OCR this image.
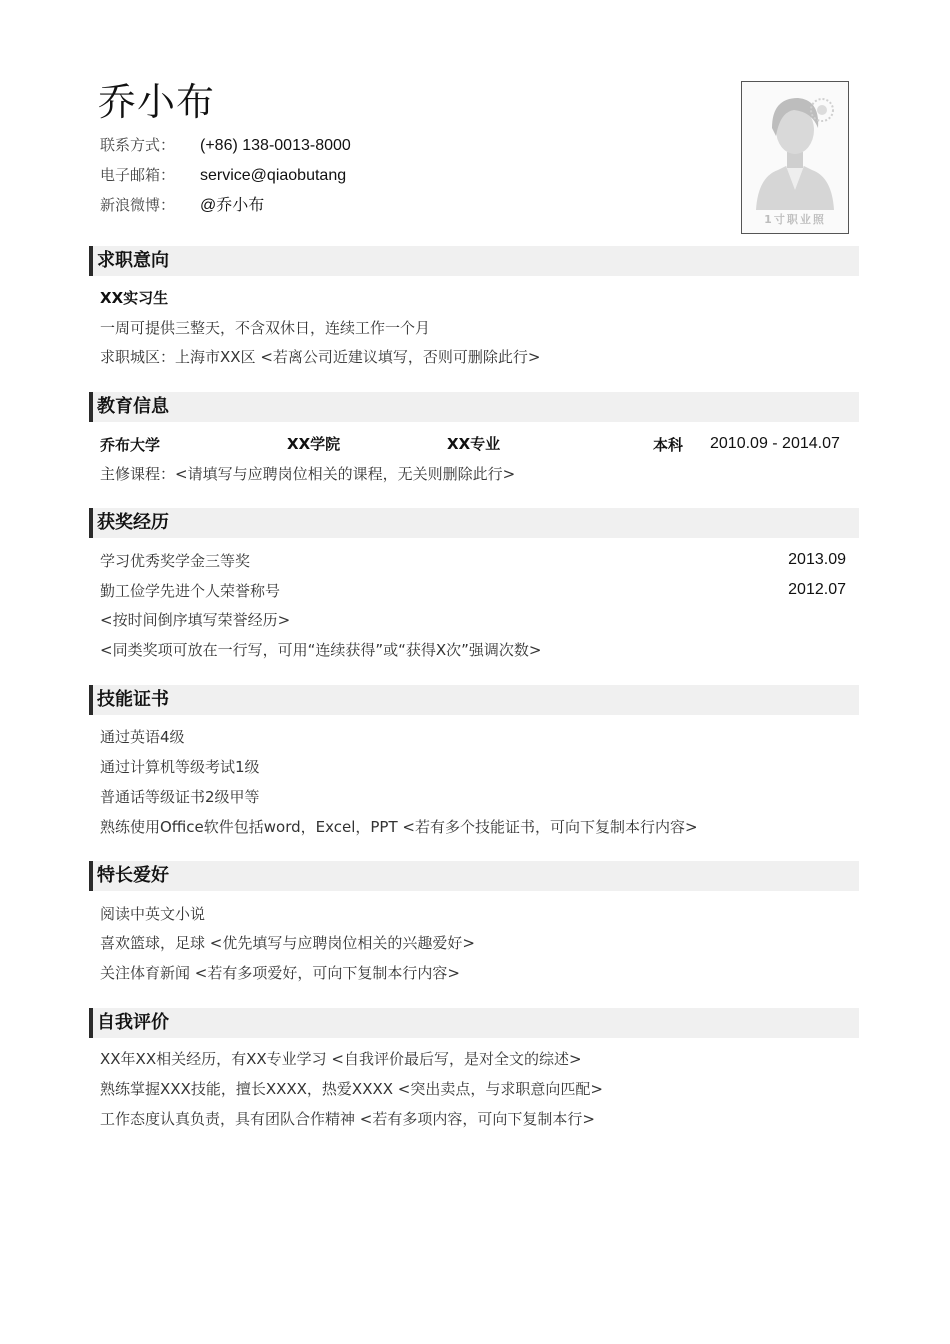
乔小布
联系方式： (+86) 138-0013-8000
电子邮箱： service@qiaobutang
新浪微博： @乔小布
1寸职业照
求职意向
XX实习生
一周可提供三整天，不含双休日，连续工作一个月
求职城区：上海市XX区 <若离公司近建议填写，否则可删除此行>
教育信息
乔布大学	XX学院	XX专业	本科 2010.09 - 2014.07
主修课程：<请填写与应聘岗位相关的课程，无关则删除此行>
获奖经历
学习优秀奖学金三等奖	2013.09
勤工俭学先进个人荣誉称号	2012.07
<按时间倒序填写荣誉经历>
<同类奖项可放在一行写，可用“连续获得”或“获得X次”强调次数>
技能证书
通过英语4级
通过计算机等级考试1级
普通话等级证书2级甲等
熟练使用Office软件包括word，Excel，PPT <若有多个技能证书，可向下复制本行内容>
特长爱好
阅读中英文小说
喜欢篮球，足球 <优先填写与应聘岗位相关的兴趣爱好>
关注体育新闻 <若有多项爱好，可向下复制本行内容>
自我评价
XX年XX相关经历，有XX专业学习 <自我评价最后写，是对全文的综述>
熟练掌握XXX技能，擅长XXXX，热爱XXXX <突出卖点，与求职意向匹配>
工作态度认真负责，具有团队合作精神 <若有多项内容，可向下复制本行>
